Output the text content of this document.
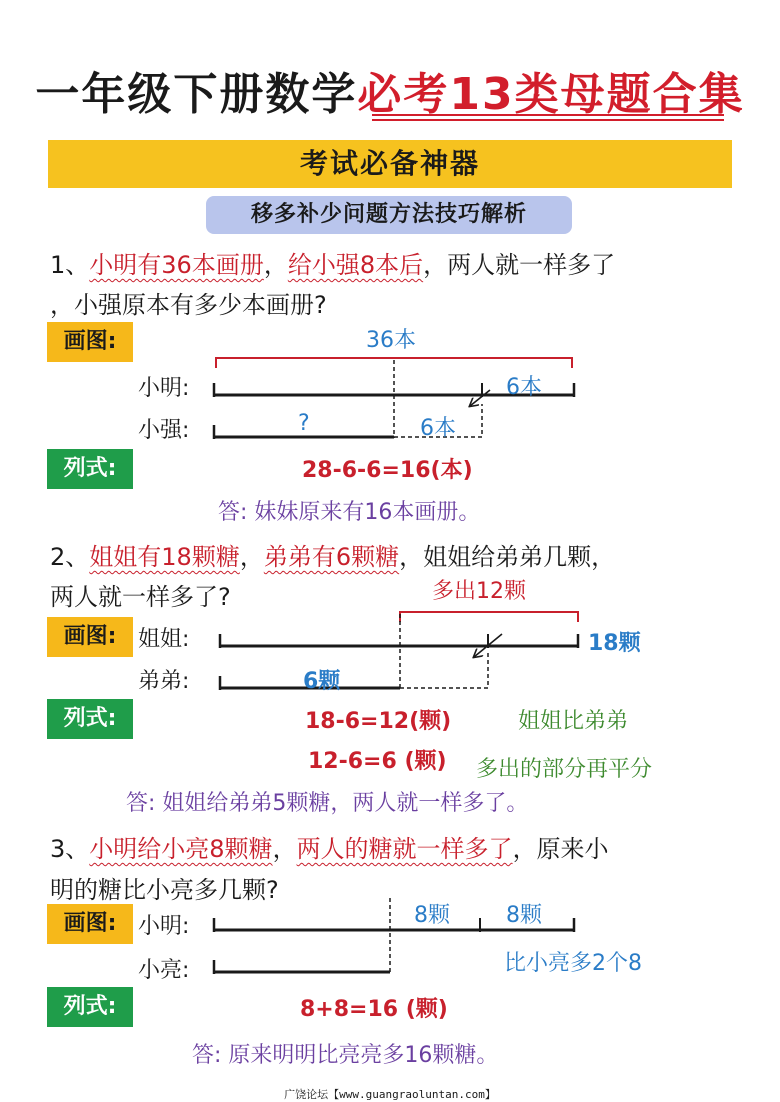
一年级下册数学必考13类母题合集
考试必备神器
移多补少问题方法技巧解析
1、小明有36本画册，给小强8本后，两人就一样多了
，小强原本有多少本画册?
画图:	36本
小明:	6本
小强:	?	6本
列式:	28-6-6=16(本)
答: 妹妹原来有16本画册。
2、姐姐有18颗糖，弟弟有6颗糖，姐姐给弟弟几颗，
两人就一样多了?	多出12颗
画图: 姐姐:	18颗
弟弟:	6颗
列式:	18-6=12(颗)	姐姐比弟弟
12-6=6 (颗) 多出的部分再平分
答: 姐姐给弟弟5颗糖，两人就一样多了。
3、小明给小亮8颗糖，两人的糖就一样多了，原来小
明的糖比小亮多几颗?
画图: 小明:	8颗	8颗
小亮:	比小亮多2个8
列式:	8+8=16 (颗)
答: 原来明明比亮亮多16颗糖。
广饶论坛【www.guangraoluntan.com】
